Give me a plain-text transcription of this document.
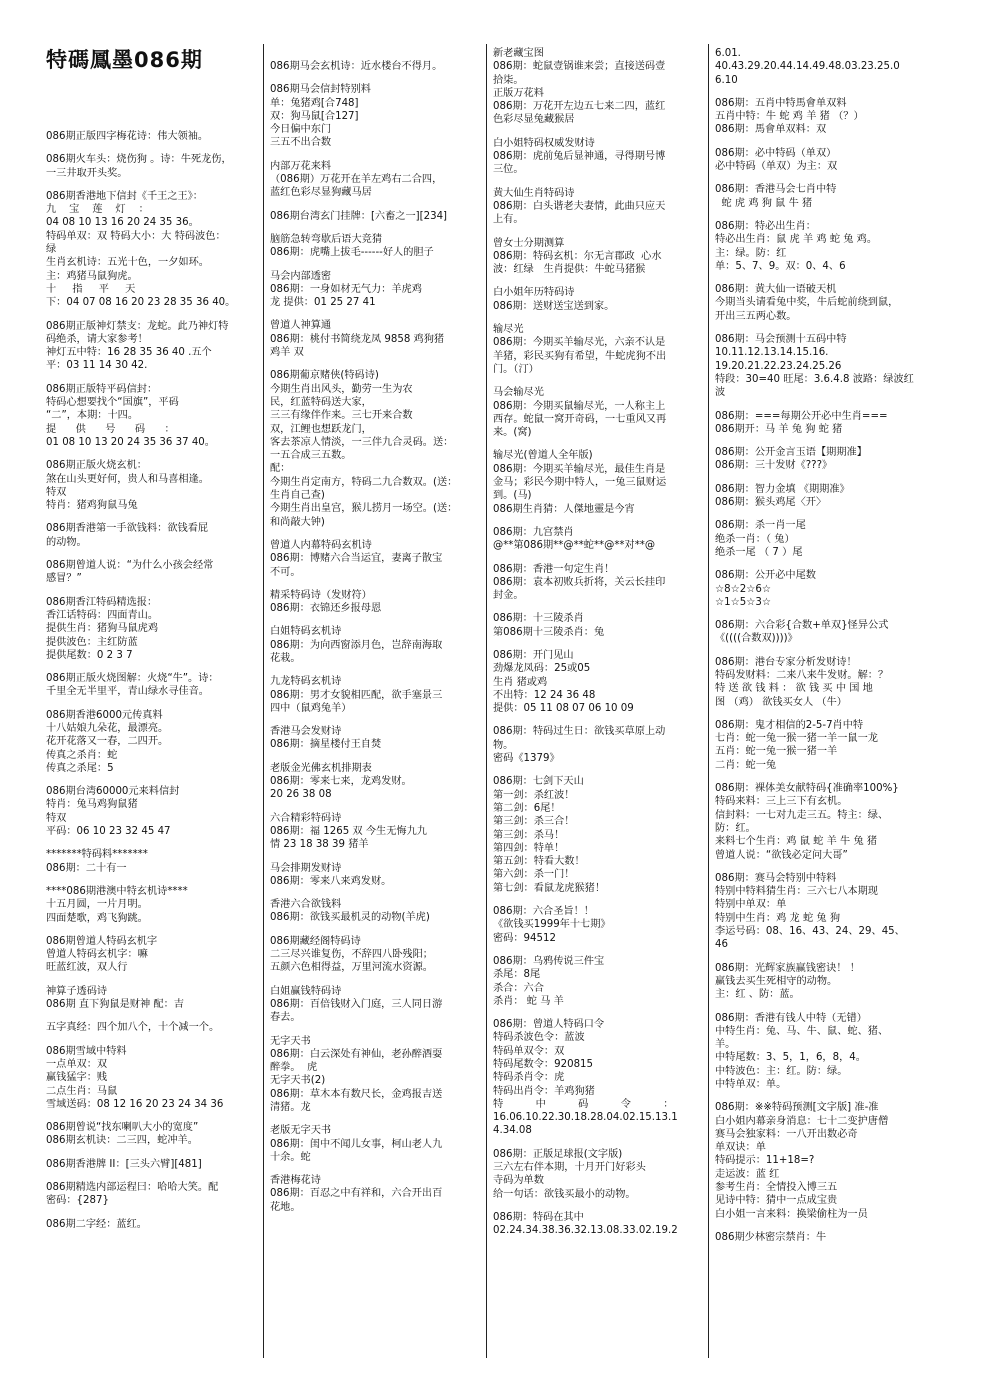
特碼鳳墨086期
086期正版四字梅花诗：伟大领袖。
086期火车头：烧伤狗 。诗：牛死龙伤，
一三井取开头奖。
086期香港地下信封《千王之王》：
九    宝    莲    灯    ：
04 08 10 13 16 20 24 35 36。
特码单双：双 特码大小：大 特码波色：
绿
生肖玄机诗：五光十色，一夕如环。
主：鸡猪马鼠狗虎。
十     指     平     天
下：04 07 08 16 20 23 28 35 36 40。
086期正版神灯禁支：龙蛇。此乃神灯特
码绝杀，请大家参考！
神灯五中特：16 28 35 36 40 .五个
平：03 11 14 30 42.
086期正版特平码信封：
特码心想要找个“国旗”，平码
“二”，本期：十四。
提      供      号      码      ：
01 08 10 13 20 24 35 36 37 40。
086期正版火烧玄机：
煞在山头更好何，贵人和马喜相逢。
特双
特肖：猪鸡狗鼠马兔
086期香港第一手欲钱料：欲钱看屁
的动物。
086期曾道人说：“为什么小孩会经常
感冒？”
086期香江特码精选报：
香江话特码：四面青山。
提供生肖：猪狗马鼠虎鸡
提供波色：主红防蓝
提供尾数：0 2 3 7
086期正版火烧图解：火烧“牛”。诗：
千里全无半里平，青山绿水寻佳音。
086期香港6000元传真料
十八姑娘九朵花，最漂亮。
花开花落又一春，二四开。
传真之杀肖：蛇
传真之杀尾：5
086期台湾60000元来料信封
特肖：兔马鸡狗鼠猪
特双
平码：06 10 23 32 45 47
*******特码料*******
086期：二十有一
****086期港澳中特玄机诗****
十五月圆，一片月明。
四面楚歌，鸡飞狗跳。
086期曾道人特码玄机字
曾道人特码玄机字：嘛
旺蓝红波，双人行
神算子透码诗
086期 直下狗鼠是财神 配：吉
五字真经：四个加八个，十个减一个。
086期雪域中特料
一点单双：双
赢钱猛字：贱
二点生肖：马鼠
雪域送码：08 12 16 20 23 24 34 36
086期曾说“找东喇叭大小的宽度”
086期玄机诀：二三四，蛇冲羊。
086期香港牌 II：[三头六臂][481]
086期精选内部运程曰：哈哈大笑。配
密码：{287}
086期二字经：蓝红。
086期马会玄机诗：近水楼台不得月。
086期马会信封特别料
单：兔猪鸡[合748]
双：狗马鼠[合127]
今日偏中东门
三五不出合数
内部万花来料
（086期）万花开在羊左鸡右二合四，
蓝红色彩尽显狗藏马居
086期台湾玄门挂牌：[六畜之一][234]
脑筋急转弯歇后语大竞猜
086期：虎嘴上拔毛------好人的胆子
马会内部透密
086期：一身如材无气力：羊虎鸡
龙 提供：01 25 27 41
曾道人神算通
086期：桃付书简绕龙凤 9858 鸡狗猪
鸡羊 双
086期葡京赌侠(特码诗)
今期生肖出风头，勤劳一生为农
民，红蓝特码送大家，
三三有缘伴作来。三七开来合数
双，江鲤也想跃龙门，
客去茶凉人情淡，一三伴九合灵码。送：
一五合成三五数。
配：
今期生肖定南方，特码二九合数双。(送：
生肖自己查)
今期生肖出皇宫，猴儿捞月一场空。(送：
和尚敲大钟)
曾道人内幕特码玄机诗
086期：博赌六合当运宜，妻离子散宝
不可。
精采特码诗（发财符）
086期：衣锦还乡报母恩
白姐特码玄机诗
086期：为向西窗添月色，岂辞南海取
花栽。
九龙特码玄机诗
086期：男才女貌相匹配，欲手塞景三
四中（鼠鸡兔羊）
香港马会发财诗
086期：摘星楼付王自焚
老版金光佛玄机排期表
086期：零来七来，龙鸡发财。
20 26 38 08
六合精彩特码诗
086期：福 1265 双 今生无悔九九
情 23 18 38 39 猪羊
马会排期发财诗
086期：零来八来鸡发财。
香港六合欲钱料
086期：欲钱买最机灵的动物(羊虎)
086期藏经阁特码诗
二三尽兴谁复伤，不辞四八卧残阳；
五颜六色相得益，万里河流水资源。
白姐赢钱特码诗
086期：百倍钱财入门庭，三人同日游
春去。
无字天书
086期：白云深处有神仙，老孙醉酒耍
醉拳。  虎
无字天书(2)
086期：草木本有数尺长，金鸡报吉送
清猪。龙
老版无字天书
086期：闺中不闻儿女事，柯山老人九
十余。蛇
香港梅花诗
086期：百忍之中有祥和，六合开出百
花地。
新老藏宝图
086期：蛇鼠壹锅谁来尝；直接送码壹
拾柒。
正版万花料
086期：万花开左边五七来二四，蓝红
色彩尽显兔藏猴居
白小姐特码权威发财诗
086期：虎前兔后显神通，寻得期号博
三位。
黄大仙生肖特码诗
086期：白头谐老夫妻情，此曲只应天
上有。
曾女士分期测算
086期：特码玄机：尔无言郡政  心水
波：红绿   生肖提供：牛蛇马猪猴
白小姐年历特码诗
086期：送财送宝送到家。
输尽光
086期：今期买羊输尽光，六亲不认是
羊猪，彩民买狗有希望，牛蛇虎狗不出
门。（汀）
马会输尽光
086期：今期买鼠输尽光，一人称主上
西存。蛇鼠一窝开奇码，一七重风又再
来。(窝)
输尽光(曾道人全年版)
086期：今期买羊输尽光，最佳生肖是
金马；彩民今期中特人，一兔三鼠财运
到。(马)
086期生肖猜：人傑地靈是今宵
086期：九宫禁肖
@**第086期**@**蛇**@**对**@
086期：香港一句定生肖！
086期：袁本初败兵折将，关云长挂印
封金。
086期：十三陵杀肖
第086期十三陵杀肖：兔
086期：开门见山
劲爆龙凤码：25或05
生肖 猪或鸡
不出特：12 24 36 48
提供：05 11 08 07 06 10 09
086期：特码过生日：欲钱买草原上动
物。
密码《1379》
086期：七剑下天山
第一剑：杀红波！
第二剑：6尾！
第三剑：杀三合！
第三剑：杀马！
第四剑：特单！
第五剑：特看大数！
第六剑：杀一门！
第七剑：看鼠龙虎猴猪！
086期：六合圣旨！！
《欲钱买1999年十七期》
密码：94512
086期：乌鸦传说三件宝
杀尾：8尾
杀合：六合
杀肖： 蛇 马 羊
086期：曾道人特码口令
特码杀波色令：蓝波
特码单双令：双
特码尾数令：920815
特码杀肖令：虎
特码出肖令：羊鸡狗猪
特          中          码          令          ：
16.06.10.22.30.18.28.04.02.15.13.1
4.34.08
086期：正版足球报(文字版)
三六左右伴本期，十月开门好彩头
寺码为单数
给一句话：欲钱买最小的动物。
086期：特码在其中
02.24.34.38.36.32.13.08.33.02.19.2
6.01.
40.43.29.20.44.14.49.48.03.23.25.0
6.10
086期：五肖中特馬會单双料
五肖中特：牛 蛇 鸡 羊 猪 （？）
086期：馬會单双料：双
086期：必中特码（单双）
必中特码（单双）为主：双
086期：香港马会七肖中特
蛇 虎 鸡 狗 鼠 牛 猪
086期：特必出生肖：
特必出生肖：鼠 虎 羊 鸡 蛇 兔 鸡。
主：绿。防：红
单：5、7、9。双：0、4、6
086期：黄大仙一语破天机
今期当头请看兔中奖，牛后蛇前绕到鼠，
开出三五两心数。
086期：马会预测十五码中特
10.11.12.13.14.15.16.
19.20.21.22.23.24.25.26
特段：30=40 旺尾：3.6.4.8 波路：绿波红
波
086期：===每期公开必中生肖===
086期开：马 羊 兔 狗 蛇 猪
086期：公开金言玉语【期期准】
086期：三十发财《???》
086期：智力金填 《期期准》
086期：猴头鸡尾〈开〉
086期：杀一肖一尾
绝杀一肖：（ 兔）
绝杀一尾 （ 7 ）尾
086期：公开必中尾数
☆8☆2☆6☆
☆1☆5☆3☆
086期：六合彩{合数+单双}怪异公式
《((((合数双))))》
086期：港台专家分析发财诗！
特码发财料：二来八来牛发财。解：？
特 送 欲 钱 料 ： 欲 钱 买 中 国 地
图 （鸡） 欲钱买女人 （牛）
086期：鬼才相信的2-5-7肖中特
七肖：蛇一兔一猴一猪一羊一鼠一龙
五肖：蛇一兔一猴一猪一羊
二肖：蛇一兔
086期：裸体美女献特码{准确率100%}
特码来料：三上三下有玄机。
信封料：一七对九走三五。特主：绿、
防：红。
来料七个生肖：鸡 鼠 蛇 羊 牛 兔 猪
曾道人说：“欲钱必定问大哥”
086期：赛马会特别中特料
特别中特料猜生肖：三六七八本期现
特别中单双：单
特别中生肖：鸡 龙 蛇 兔 狗
李运号码：08、16、43、24、29、45、
46
086期：光辉家族赢钱密诀！ ！
赢钱去买生死相守的动物。
主：红 、防：蓝。
086期：香港有钱人中特（无错）
中特生肖：兔、马、牛、鼠、蛇、猪、
羊。
中特尾数：3、5，1，6，8，4。
中特波色：主：红。防：绿。
中特单双：单。
086期：※※特码预测[文字版] 准-准
白小姐内幕亲身消息：七十二变护唐僧
赛马会独家料：一八开出数必奇
单双诀：单
特码提示：11+18=?
走运波：蓝 红
参考生肖：全情投入博三五
见诗中特：猜中一点成宝贵
白小姐一言来料：换梁偷柱为一员
086期少林密宗禁肖：牛
